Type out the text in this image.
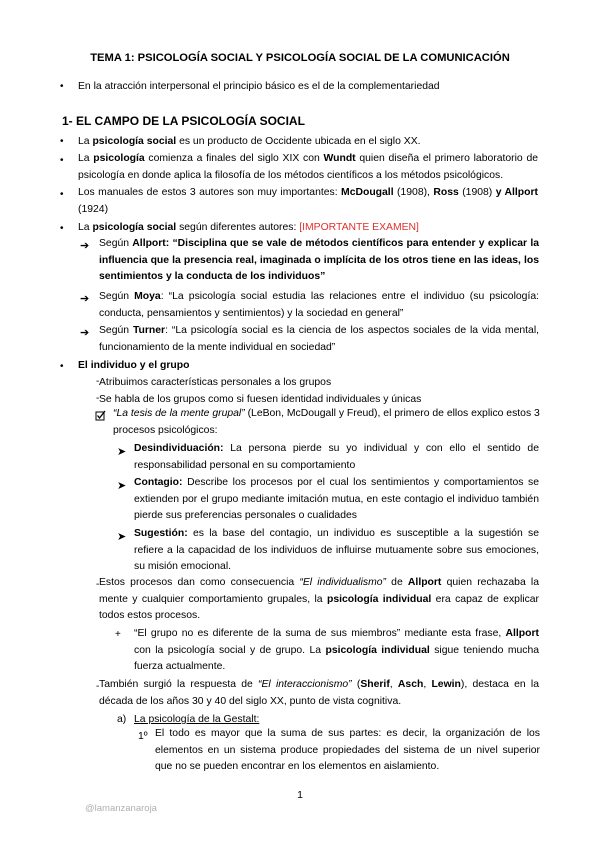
TEMA 1: PSICOLOGÍA SOCIAL Y PSICOLOGÍA SOCIAL DE LA COMUNICACIÓN
• En la atracción interpersonal el principio básico es el de la complementariedad
1- EL CAMPO DE LA PSICOLOGÍA SOCIAL
• La psicología social es un producto de Occidente ubicada en el siglo XX.
• La psicología comienza a finales del siglo XIX con Wundt quien diseña el primero laboratorio de psicología en donde aplica la filosofía de los métodos científicos a los métodos psicológicos.
• Los manuales de estos 3 autores son muy importantes: McDougall (1908), Ross (1908) y Allport (1924)
• La psicología social según diferentes autores: [IMPORTANTE EXAMEN]
➔ Según Allport: “Disciplina que se vale de métodos científicos para entender y explicar la influencia que la presencia real, imaginada o implícita de los otros tiene en las ideas, los sentimientos y la conducta de los individuos”
➔ Según Moya: “La psicología social estudia las relaciones entre el individuo (su psicología: conducta, pensamientos y sentimientos) y la sociedad en general”
➔ Según Turner: “La psicología social es la ciencia de los aspectos sociales de la vida mental, funcionamiento de la mente individual en sociedad”
• El individuo y el grupo
- Atribuimos características personales a los grupos
- Se habla de los grupos como si fuesen identidad individuales y únicas
“La tesis de la mente grupal” (LeBon, McDougall y Freud), el primero de ellos explico estos 3 procesos psicológicos:
➤ Desindividuación: La persona pierde su yo individual y con ello el sentido de responsabilidad personal en su comportamiento
➤ Contagio: Describe los procesos por el cual los sentimientos y comportamientos se extienden por el grupo mediante imitación mutua, en este contagio el individuo también pierde sus preferencias personales o cualidades
➤ Sugestión: es la base del contagio, un individuo es susceptible a la sugestión se refiere a la capacidad de los individuos de influirse mutuamente sobre sus emociones, su misión emocional.
- Estos procesos dan como consecuencia “El individualismo” de Allport quien rechazaba la mente y cualquier comportamiento grupales, la psicología individual era capaz de explicar todos estos procesos.
+ “El grupo no es diferente de la suma de sus miembros” mediante esta frase, Allport con la psicología social y de grupo. La psicología individual sigue teniendo mucha fuerza actualmente.
- También surgió la respuesta de “El interaccionismo” (Sherif, Asch, Lewin), destaca en la década de los años 30 y 40 del siglo XX, punto de vista cognitiva.
a) La psicología de la Gestalt:
1º El todo es mayor que la suma de sus partes: es decir, la organización de los elementos en un sistema produce propiedades del sistema de un nivel superior que no se pueden encontrar en los elementos en aislamiento.
1
@lamanzanaroja
